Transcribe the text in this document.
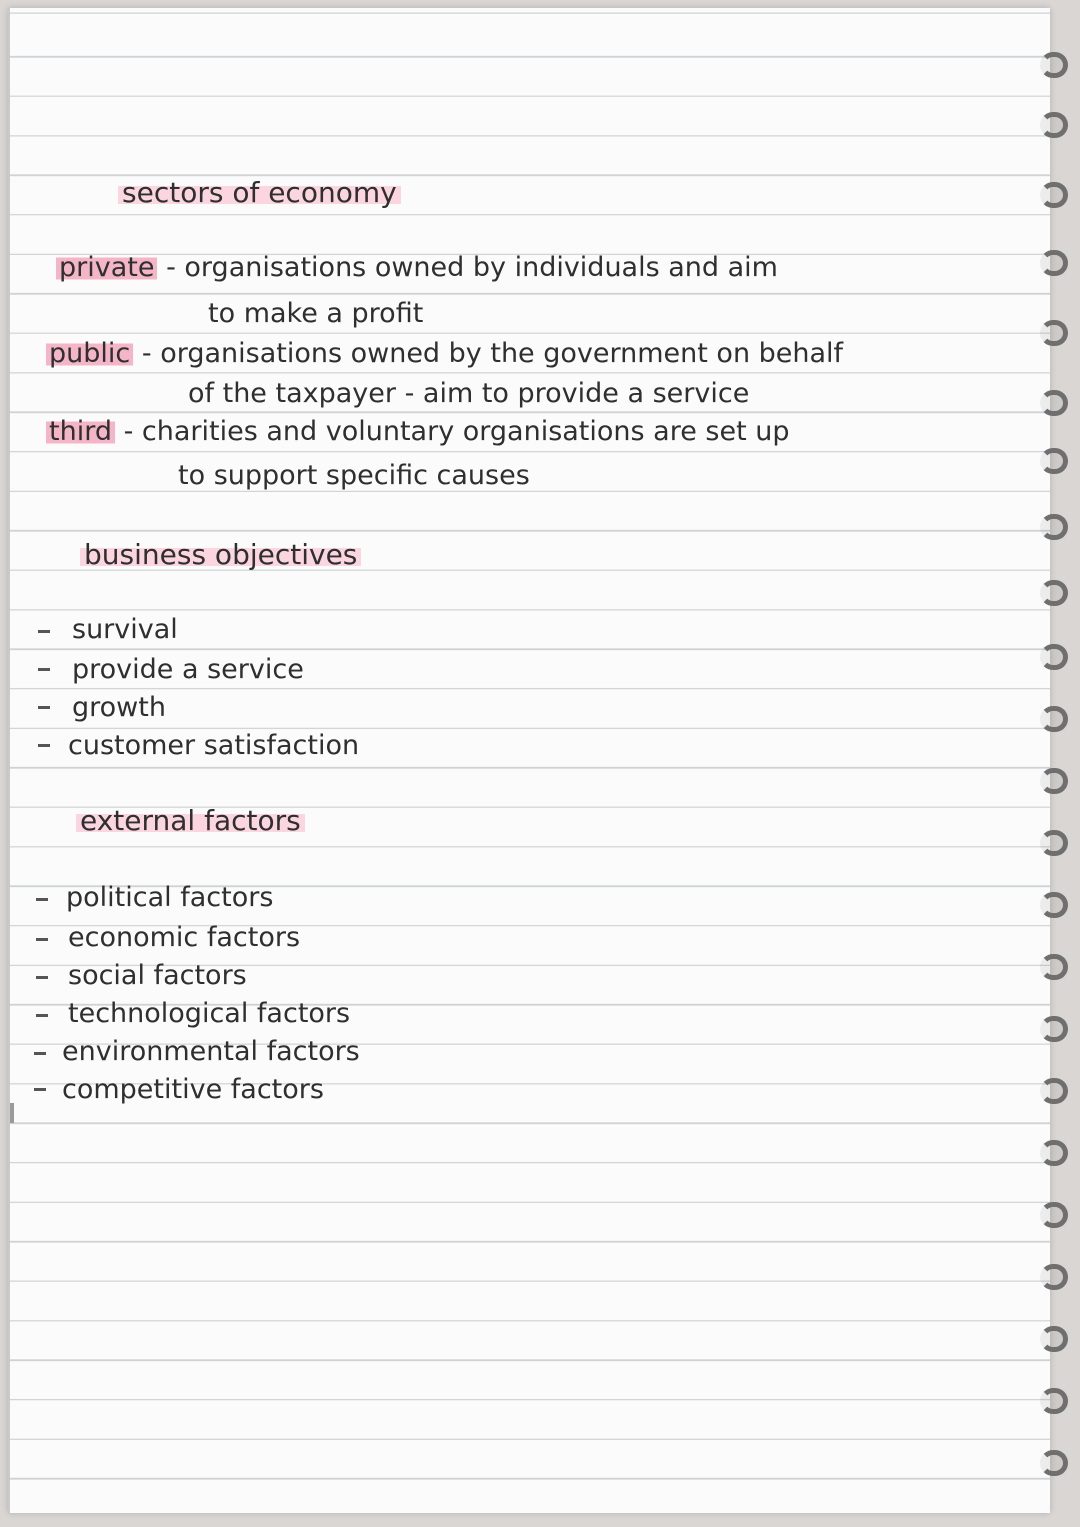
sectors of economy
private - organisations owned by individuals and aim
to make a profit
public - organisations owned by the government on behalf
of the taxpayer - aim to provide a service
third - charities and voluntary organisations are set up
to support specific causes
business objectives
survival
provide a service
growth
customer satisfaction
external factors
political factors
economic factors
social factors
technological factors
environmental factors
competitive factors
